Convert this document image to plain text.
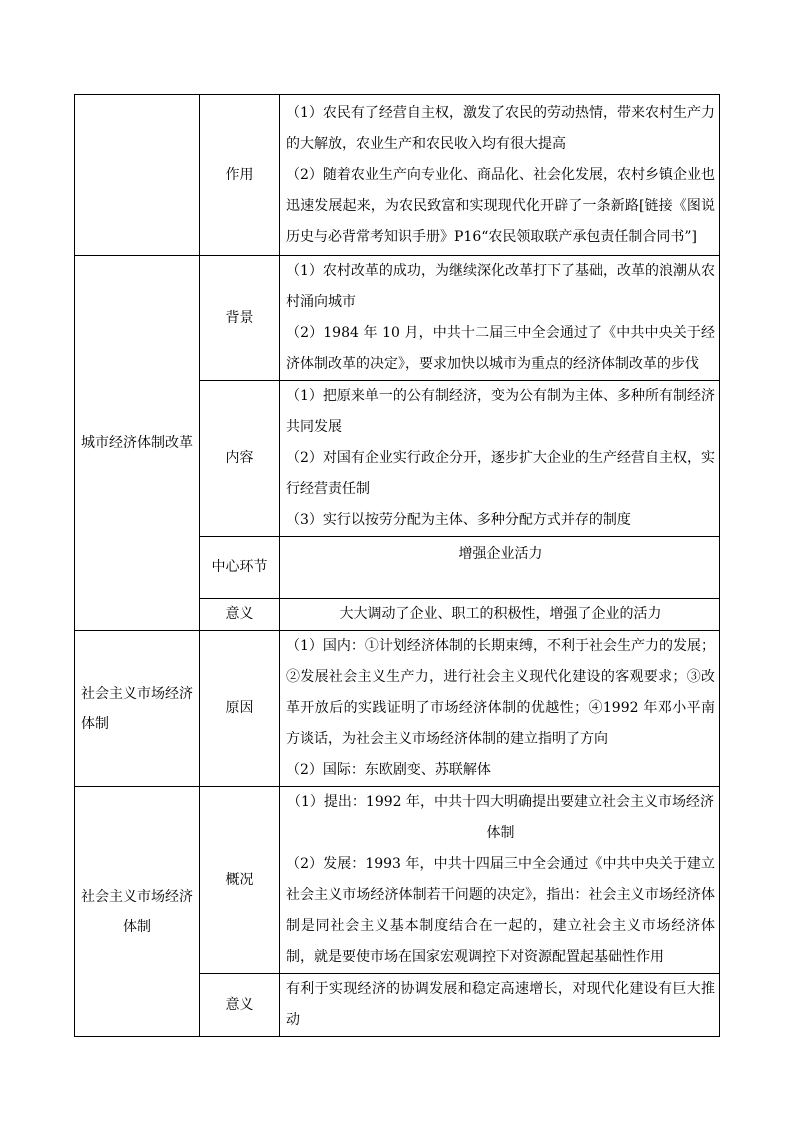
	作用	（1）农民有了经营自主权，激发了农民的劳动热情，带来农村生产力的大解放，农业生产和农民收入均有很大提高

（2）随着农业生产向专业化、商品化、社会化发展，农村乡镇企业也迅速发展起来，为农民致富和实现现代化开辟了一条新路[链接《图说历史与必背常考知识手册》P16“农民领取联产承包责任制合同书”]

城市经济体制改革	背景	（1）农村改革的成功，为继续深化改革打下了基础，改革的浪潮从农村涌向城市

（2）1984 年 10 月，中共十二届三中全会通过了《中共中央关于经济体制改革的决定》，要求加快以城市为重点的经济体制改革的步伐

	内容	（1）把原来单一的公有制经济，变为公有制为主体、多种所有制经济共同发展

（2）对国有企业实行政企分开，逐步扩大企业的生产经营自主权，实行经营责任制

（3）实行以按劳分配为主体、多种分配方式并存的制度

	中心环节	增强企业活力
	意义	大大调动了企业、职工的积极性，增强了企业的活力
社会主义市场经济体制	原因	（1）国内：①计划经济体制的长期束缚，不利于社会生产力的发展；②发展社会主义生产力，进行社会主义现代化建设的客观要求；③改革开放后的实践证明了市场经济体制的优越性；④1992 年邓小平南方谈话，为社会主义市场经济体制的建立指明了方向

（2）国际：东欧剧变、苏联解体

社会主义市场经济体制	概况	（1）提出：1992 年，中共十四大明确提出要建立社会主义市场经济体制

（2）发展：1993 年，中共十四届三中全会通过《中共中央关于建立社会主义市场经济体制若干问题的决定》，指出：社会主义市场经济体制是同社会主义基本制度结合在一起的，建立社会主义市场经济体制，就是要使市场在国家宏观调控下对资源配置起基础性作用

	意义	有利于实现经济的协调发展和稳定高速增长，对现代化建设有巨大推动
